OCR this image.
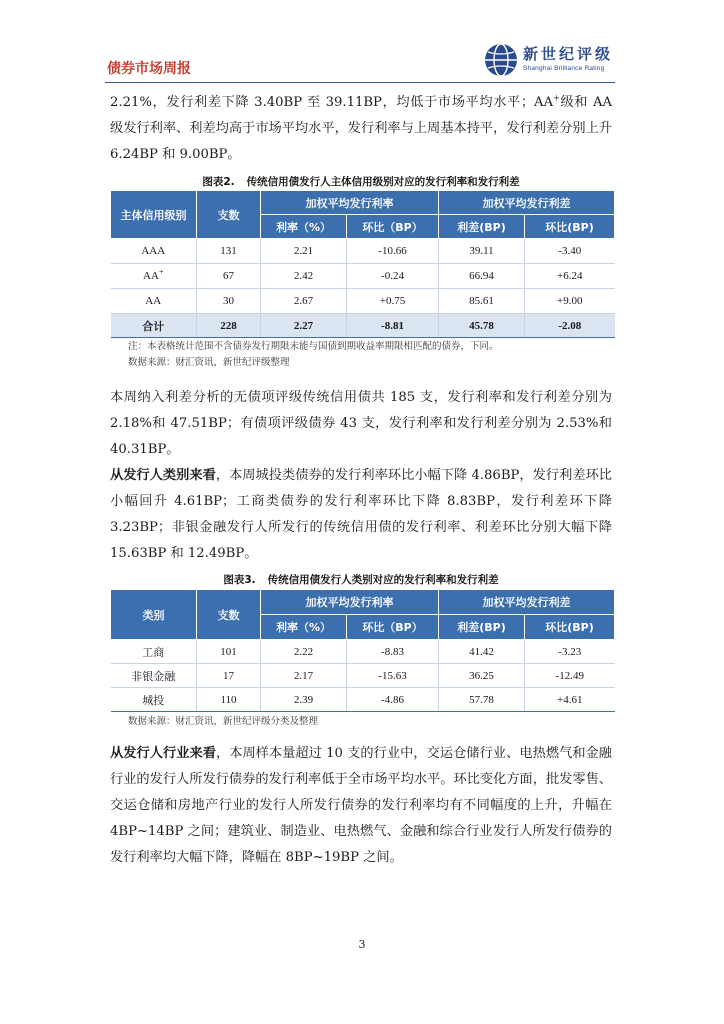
债券市场周报
新世纪评级
Shanghai Brilliance Rating

2.21%，发行利差下降 3.40BP 至 39.11BP，均低于市场平均水平；AA+级和 AA 级发行利率、利差均高于市场平均水平，发行利率与上周基本持平，发行利差分别上升 6.24BP 和 9.00BP。

图表2. 传统信用债发行人主体信用级别对应的发行利率和发行利差
主体信用级别	支数	加权平均发行利率		加权平均发行利差	
		利率（%）	环比（BP）	利差(BP)	环比(BP)
AAA	131	2.21	-10.66	39.11	-3.40
AA+	67	2.42	-0.24	66.94	+6.24
AA	30	2.67	+0.75	85.61	+9.00
合计	228	2.27	-8.81	45.78	-2.08
注：本表格统计范围不含债券发行期限未能与国债到期收益率期限相匹配的债券，下同。
数据来源：财汇资讯，新世纪评级整理

本周纳入利差分析的无债项评级传统信用债共 185 支，发行利率和发行利差分别为 2.18%和 47.51BP；有债项评级债券 43 支，发行利率和发行利差分别为 2.53%和 40.31BP。

从发行人类别来看，本周城投类债券的发行利率环比小幅下降 4.86BP，发行利差环比小幅回升 4.61BP；工商类债券的发行利率环比下降 8.83BP，发行利差环下降 3.23BP；非银金融发行人所发行的传统信用债的发行利率、利差环比分别大幅下降 15.63BP 和 12.49BP。

图表3. 传统信用债发行人类别对应的发行利率和发行利差
类别	支数	加权平均发行利率		加权平均发行利差	
		利率（%）	环比（BP）	利差(BP)	环比(BP)
工商	101	2.22	-8.83	41.42	-3.23
非银金融	17	2.17	-15.63	36.25	-12.49
城投	110	2.39	-4.86	57.78	+4.61
数据来源：财汇资讯，新世纪评级分类及整理

从发行人行业来看，本周样本量超过 10 支的行业中，交运仓储行业、电热燃气和金融行业的发行人所发行债券的发行利率低于全市场平均水平。环比变化方面，批发零售、交运仓储和房地产行业的发行人所发行债券的发行利率均有不同幅度的上升，升幅在 4BP~14BP 之间；建筑业、制造业、电热燃气、金融和综合行业发行人所发行债券的发行利率均大幅下降，降幅在 8BP~19BP 之间。

3
